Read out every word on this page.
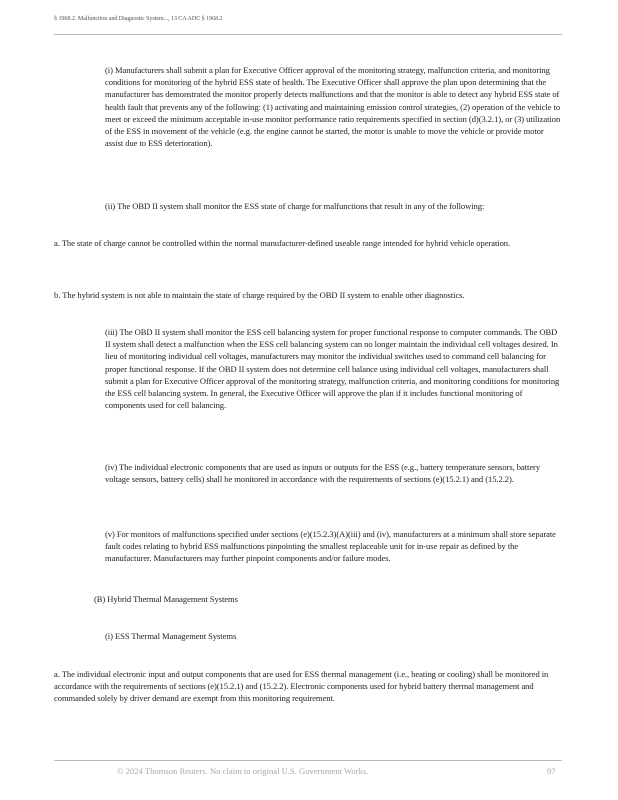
§ 1968.2. Malfunction and Diagnostic System..., 13 CA ADC § 1968.2

(i) Manufacturers shall submit a plan for Executive Officer approval of the monitoring strategy, malfunction criteria, and monitoring conditions for monitoring of the hybrid ESS state of health. The Executive Officer shall approve the plan upon determining that the manufacturer has demonstrated the monitor properly detects malfunctions and that the monitor is able to detect any hybrid ESS state of health fault that prevents any of the following: (1) activating and maintaining emission control strategies, (2) operation of the vehicle to meet or exceed the minimum acceptable in-use monitor performance ratio requirements specified in section (d)(3.2.1), or (3) utilization of the ESS in movement of the vehicle (e.g. the engine cannot be started, the motor is unable to move the vehicle or provide motor assist due to ESS deterioration).

(ii) The OBD II system shall monitor the ESS state of charge for malfunctions that result in any of the following:

a. The state of charge cannot be controlled within the normal manufacturer-defined useable range intended for hybrid vehicle operation.

b. The hybrid system is not able to maintain the state of charge required by the OBD II system to enable other diagnostics.

(iii) The OBD II system shall monitor the ESS cell balancing system for proper functional response to computer commands. The OBD II system shall detect a malfunction when the ESS cell balancing system can no longer maintain the individual cell voltages desired. In lieu of monitoring individual cell voltages, manufacturers may monitor the individual switches used to command cell balancing for proper functional response. If the OBD II system does not determine cell balance using individual cell voltages, manufacturers shall submit a plan for Executive Officer approval of the monitoring strategy, malfunction criteria, and monitoring conditions for monitoring the ESS cell balancing system. In general, the Executive Officer will approve the plan if it includes functional monitoring of components used for cell balancing.

(iv) The individual electronic components that are used as inputs or outputs for the ESS (e.g., battery temperature sensors, battery voltage sensors, battery cells) shall be monitored in accordance with the requirements of sections (e)(15.2.1) and (15.2.2).

(v) For monitors of malfunctions specified under sections (e)(15.2.3)(A)(iii) and (iv), manufacturers at a minimum shall store separate fault codes relating to hybrid ESS malfunctions pinpointing the smallest replaceable unit for in-use repair as defined by the manufacturer. Manufacturers may further pinpoint components and/or failure modes.

(B) Hybrid Thermal Management Systems

(i) ESS Thermal Management Systems

a. The individual electronic input and output components that are used for ESS thermal management (i.e., heating or cooling) shall be monitored in accordance with the requirements of sections (e)(15.2.1) and (15.2.2). Electronic components used for hybrid battery thermal management and commanded solely by driver demand are exempt from this monitoring requirement.

© 2024 Thomson Reuters. No claim to original U.S. Government Works.	97
